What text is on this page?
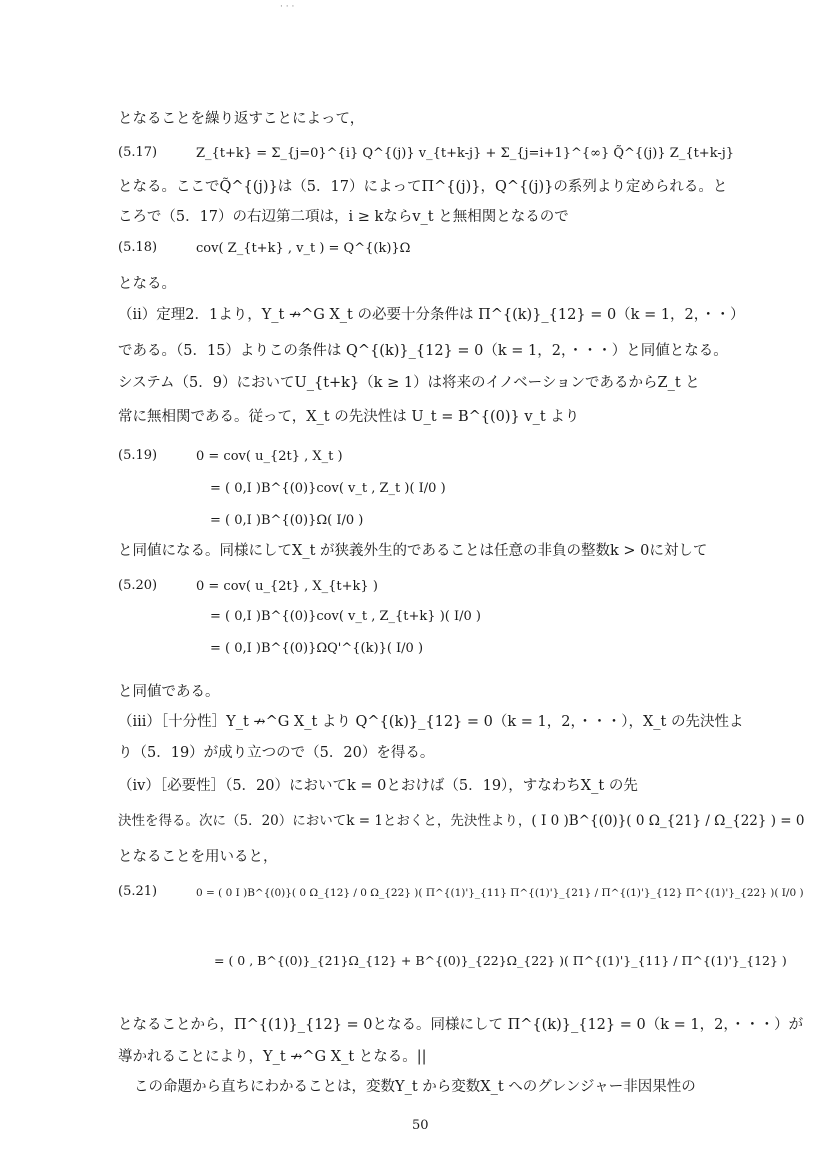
· · ·
となることを繰り返すことによって，
(5.17)	Z_{t+k} = Σ_{j=0}^{i} Q^{(j)} v_{t+k-j} + Σ_{j=i+1}^{∞} Q̃^{(j)} Z_{t+k-j}
となる。ここでQ̃^{(j)}は（5．17）によってΠ^{(j)}，Q^{(j)}の系列より定められる。と
ころで（5．17）の右辺第二項は，i ≥ kならv_t と無相関となるので
(5.18)	cov( Z_{t+k} , v_t ) = Q^{(k)}Ω
となる。
（ii）定理2．1より，Y_t ↛^G X_t の必要十分条件は Π^{(k)}_{12} = 0（k = 1，2，・・）
である。（5．15）よりこの条件は Q^{(k)}_{12} = 0（k = 1，2，・・・）と同値となる。
システム（5．9）においてU_{t+k}（k ≥ 1）は将来のイノベーションであるからZ_t と
常に無相関である。従って，X_t の先決性は U_t = B^{(0)} v_t より
(5.19)	0 = cov( u_{2t} , X_t )
= ( 0,I )B^{(0)}cov( v_t , Z_t )( I/0 )
= ( 0,I )B^{(0)}Ω( I/0 )
と同値になる。同様にしてX_t が狭義外生的であることは任意の非負の整数k > 0に対して
(5.20)	0 = cov( u_{2t} , X_{t+k} )
= ( 0,I )B^{(0)}cov( v_t , Z_{t+k} )( I/0 )
= ( 0,I )B^{(0)}ΩQ'^{(k)}( I/0 )
と同値である。
（iii）［十分性］Y_t ↛^G X_t より Q^{(k)}_{12} = 0（k = 1，2，・・・），X_t の先決性よ
り（5．19）が成り立つので（5．20）を得る。
（iv）［必要性］（5．20）においてk = 0とおけば（5．19），すなわちX_t の先
決性を得る。次に（5．20）においてk = 1とおくと，先決性より，( I 0 )B^{(0)}( 0 Ω_{21} / Ω_{22} ) = 0
となることを用いると，
(5.21)	0 = ( 0 I )B^{(0)}( 0 Ω_{12} / 0 Ω_{22} )( Π^{(1)'}_{11} Π^{(1)'}_{21} / Π^{(1)'}_{12} Π^{(1)'}_{22} )( I/0 )
= ( 0 , B^{(0)}_{21}Ω_{12} + B^{(0)}_{22}Ω_{22} )( Π^{(1)'}_{11} / Π^{(1)'}_{12} )
となることから，Π^{(1)}_{12} = 0となる。同様にして Π^{(k)}_{12} = 0（k = 1，2，・・・）が
導かれることにより，Y_t ↛^G X_t となる。||
この命題から直ちにわかることは，変数Y_t から変数X_t へのグレンジャー非因果性の
50
